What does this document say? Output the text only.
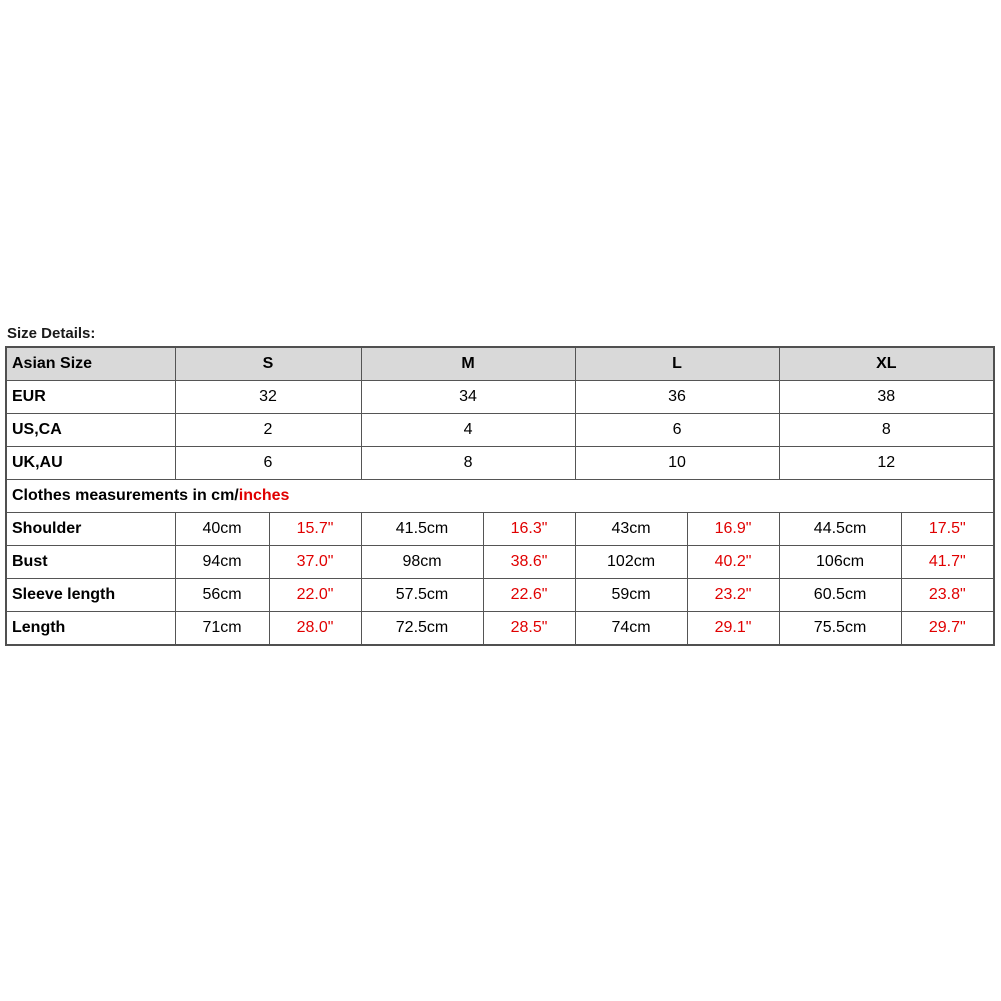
Size Details:
Asian Size	S		M		L		XL	
EUR	32		34		36		38	
US,CA	2		4		6		8	
UK,AU	6		8		10		12	
Clothes measurements in cm/inches								
Shoulder	40cm	15.7"	41.5cm	16.3"	43cm	16.9"	44.5cm	17.5"
Bust	94cm	37.0"	98cm	38.6"	102cm	40.2"	106cm	41.7"
Sleeve length	56cm	22.0"	57.5cm	22.6"	59cm	23.2"	60.5cm	23.8"
Length	71cm	28.0"	72.5cm	28.5"	74cm	29.1"	75.5cm	29.7"
